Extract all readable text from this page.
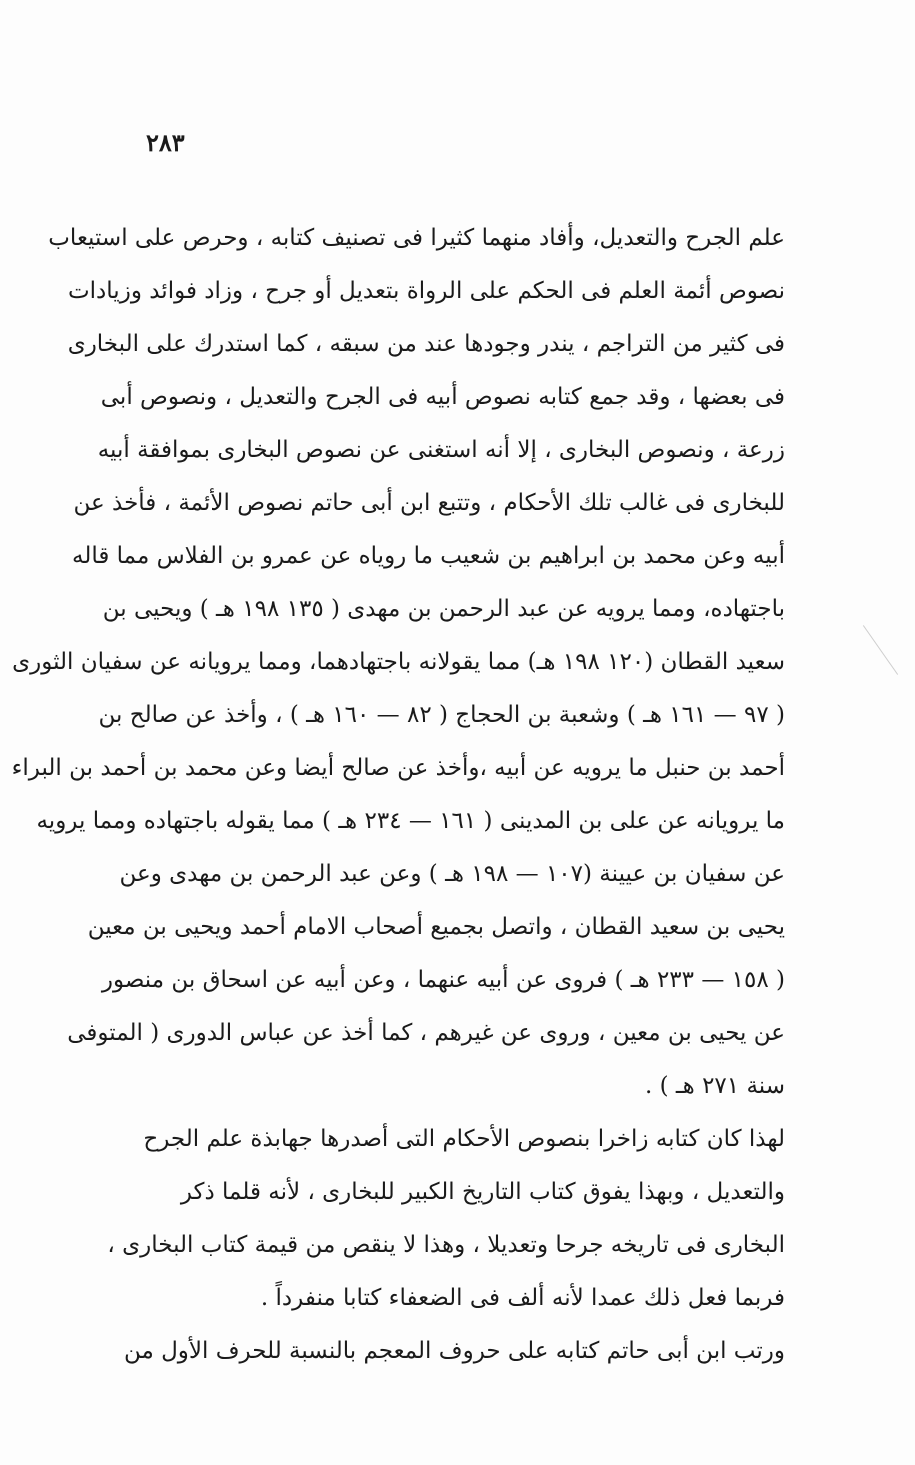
٢٨٣
علم الجرح والتعديل، وأفاد منهما كثيرا فى تصنيف كتابه ، وحرص على استيعاب
نصوص أئمة العلم فى الحكم على الرواة بتعديل أو جرح ، وزاد فوائد وزيادات
فى كثير من التراجم ، يندر وجودها عند من سبقه ، كما استدرك على البخارى
فى بعضها ، وقد جمع كتابه نصوص أبيه فى الجرح والتعديل ، ونصوص أبى
زرعة ، ونصوص البخارى ، إلا أنه استغنى عن نصوص البخارى بموافقة أبيه
للبخارى فى غالب تلك الأحكام ، وتتبع ابن أبى حاتم نصوص الأئمة ، فأخذ عن
أبيه وعن محمد بن ابراهيم بن شعيب ما روياه عن عمرو بن الفلاس مما قاله
باجتهاده، ومما يرويه عن عبد الرحمن بن مهدى ( ١٣٥ ١٩٨ هـ ) ويحيى بن
سعيد القطان (١٢٠ ١٩٨ هـ) مما يقولانه باجتهادهما، ومما يرويانه عن سفيان الثورى
( ٩٧ — ١٦١ هـ ) وشعبة بن الحجاج ( ٨٢ — ١٦٠ هـ ) ، وأخذ عن صالح بن
أحمد بن حنبل ما يرويه عن أبيه ،وأخذ عن صالح أيضا وعن محمد بن أحمد بن البراء
ما يرويانه عن على بن المدينى ( ١٦١ — ٢٣٤ هـ ) مما يقوله باجتهاده ومما يرويه
عن سفيان بن عيينة (١٠٧ — ١٩٨ هـ ) وعن عبد الرحمن بن مهدى وعن
يحيى بن سعيد القطان ، واتصل بجميع أصحاب الامام أحمد ويحيى بن معين
( ١٥٨ — ٢٣٣ هـ ) فروى عن أبيه عنهما ، وعن أبيه عن اسحاق بن منصور
عن يحيى بن معين ، وروى عن غيرهم ، كما أخذ عن عباس الدورى ( المتوفى
سنة ٢٧١ هـ ) .
لهذا كان كتابه زاخرا بنصوص الأحكام التى أصدرها جهابذة علم الجرح
والتعديل ، وبهذا يفوق كتاب التاريخ الكبير للبخارى ، لأنه قلما ذكر
البخارى فى تاريخه جرحا وتعديلا ، وهذا لا ينقص من قيمة كتاب البخارى ،
فربما فعل ذلك عمدا لأنه ألف فى الضعفاء كتابا منفرداً .
ورتب ابن أبى حاتم كتابه على حروف المعجم بالنسبة للحرف الأول من
